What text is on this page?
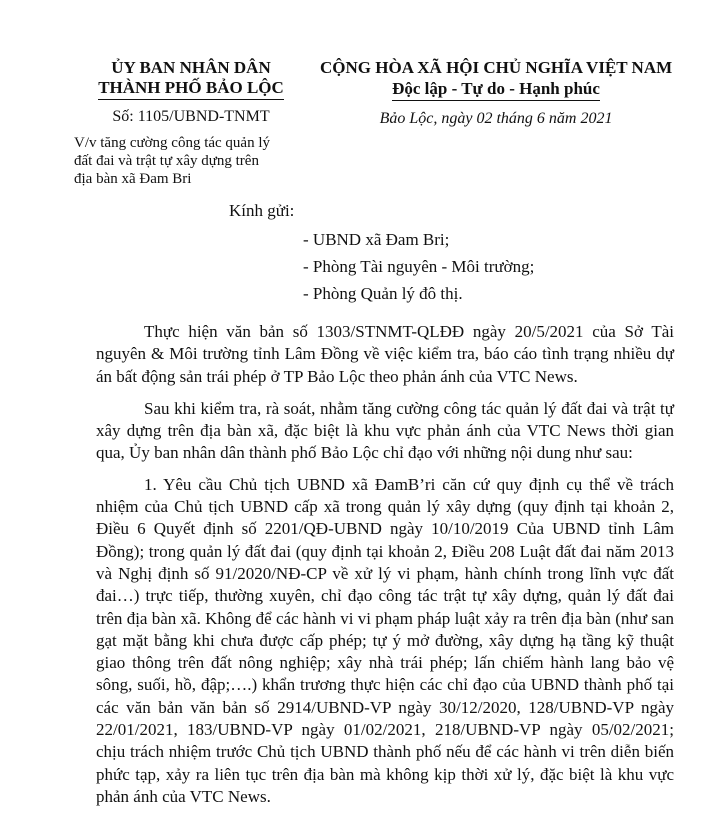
ỦY BAN NHÂN DÂN
THÀNH PHỐ BẢO LỘC
Số: 1105/UBND-TNMT
V/v tăng cường công tác quản lý
đất đai và trật tự xây dựng trên
địa bàn xã Đam Bri
CỘNG HÒA XÃ HỘI CHỦ NGHĨA VIỆT NAM
Độc lập - Tự do - Hạnh phúc
Bảo Lộc, ngày 02 tháng 6 năm 2021
Kính gửi:
- UBND xã Đam Bri;
- Phòng Tài nguyên - Môi trường;
- Phòng Quản lý đô thị.

Thực hiện văn bản số 1303/STNMT-QLĐĐ ngày 20/5/2021 của Sở Tài nguyên & Môi trường tỉnh Lâm Đồng về việc kiểm tra, báo cáo tình trạng nhiều dự án bất động sản trái phép ở TP Bảo Lộc theo phản ánh của VTC News.

Sau khi kiểm tra, rà soát, nhằm tăng cường công tác quản lý đất đai và trật tự xây dựng trên địa bàn xã, đặc biệt là khu vực phản ánh của VTC News thời gian qua, Ủy ban nhân dân thành phố Bảo Lộc chỉ đạo với những nội dung như sau:

1. Yêu cầu Chủ tịch UBND xã ĐamB’ri căn cứ quy định cụ thể về trách nhiệm của Chủ tịch UBND cấp xã trong quản lý xây dựng (quy định tại khoản 2, Điều 6 Quyết định số 2201/QĐ-UBND ngày 10/10/2019 Của UBND tỉnh Lâm Đồng); trong quản lý đất đai (quy định tại khoản 2, Điều 208 Luật đất đai năm 2013 và Nghị định số 91/2020/NĐ-CP về xử lý vi phạm, hành chính trong lĩnh vực đất đai…) trực tiếp, thường xuyên, chỉ đạo công tác trật tự xây dựng, quản lý đất đai trên địa bàn xã. Không để các hành vi vi phạm pháp luật xảy ra trên địa bàn (như san gạt mặt bằng khi chưa được cấp phép; tự ý mở đường, xây dựng hạ tầng kỹ thuật giao thông trên đất nông nghiệp; xây nhà trái phép; lấn chiếm hành lang bảo vệ sông, suối, hồ, đập;….) khẩn trương thực hiện các chỉ đạo của UBND thành phố tại các văn bản văn bản số 2914/UBND-VP ngày 30/12/2020, 128/UBND-VP ngày 22/01/2021, 183/UBND-VP ngày 01/02/2021, 218/UBND-VP ngày 05/02/2021; chịu trách nhiệm trước Chủ tịch UBND thành phố nếu để các hành vi trên diễn biến phức tạp, xảy ra liên tục trên địa bàn mà không kịp thời xử lý, đặc biệt là khu vực phản ánh của VTC News.
